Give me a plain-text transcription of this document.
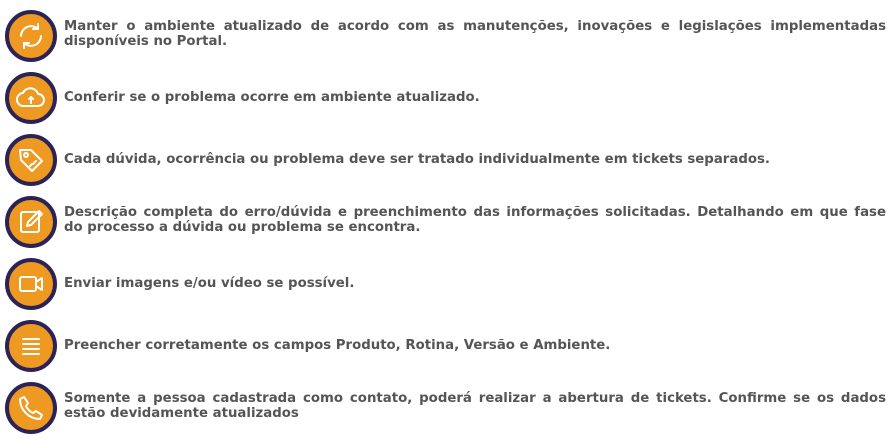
Manter o ambiente atualizado de acordo com as manutenções, inovações e legislações implementadas disponíveis no Portal.
Conferir se o problema ocorre em ambiente atualizado.
Cada dúvida, ocorrência ou problema deve ser tratado individualmente em tickets separados.
Descrição completa do erro/dúvida e preenchimento das informações solicitadas. Detalhando em que fase do processo a dúvida ou problema se encontra.
Enviar imagens e/ou vídeo se possível.
Preencher corretamente os campos Produto, Rotina, Versão e Ambiente.
Somente a pessoa cadastrada como contato, poderá realizar a abertura de tickets. Confirme se os dados estão devidamente atualizados
